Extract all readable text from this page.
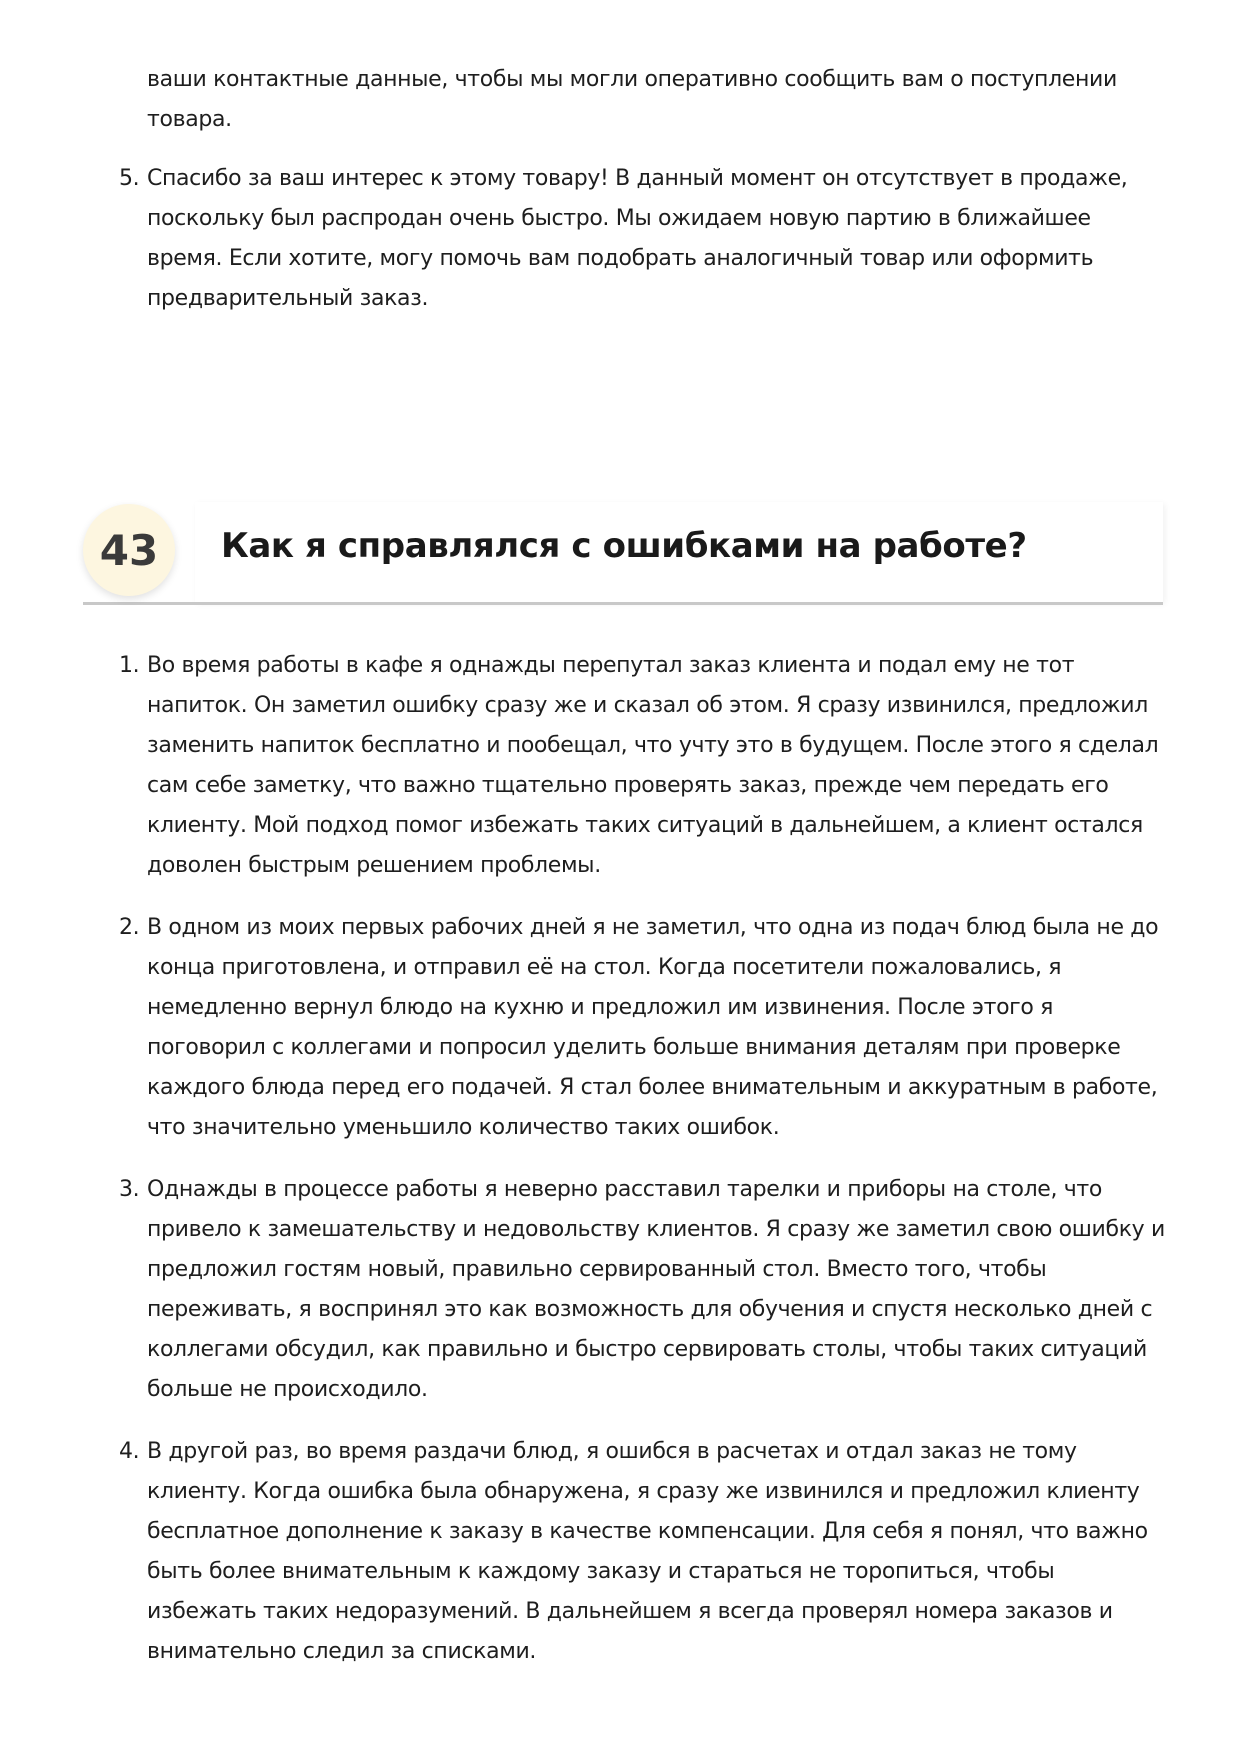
ваши контактные данные, чтобы мы могли оперативно сообщить вам о поступлении товара.

5. Спасибо за ваш интерес к этому товару! В данный момент он отсутствует в продаже, поскольку был распродан очень быстро. Мы ожидаем новую партию в ближайшее время. Если хотите, могу помочь вам подобрать аналогичный товар или оформить предварительный заказ.
43	Как я справлялся с ошибками на работе?
1. Во время работы в кафе я однажды перепутал заказ клиента и подал ему не тот напиток. Он заметил ошибку сразу же и сказал об этом. Я сразу извинился, предложил заменить напиток бесплатно и пообещал, что учту это в будущем. После этого я сделал сам себе заметку, что важно тщательно проверять заказ, прежде чем передать его клиенту. Мой подход помог избежать таких ситуаций в дальнейшем, а клиент остался доволен быстрым решением проблемы.
2. В одном из моих первых рабочих дней я не заметил, что одна из подач блюд была не до конца приготовлена, и отправил её на стол. Когда посетители пожаловались, я немедленно вернул блюдо на кухню и предложил им извинения. После этого я поговорил с коллегами и попросил уделить больше внимания деталям при проверке каждого блюда перед его подачей. Я стал более внимательным и аккуратным в работе, что значительно уменьшило количество таких ошибок.
3. Однажды в процессе работы я неверно расставил тарелки и приборы на столе, что привело к замешательству и недовольству клиентов. Я сразу же заметил свою ошибку и предложил гостям новый, правильно сервированный стол. Вместо того, чтобы переживать, я воспринял это как возможность для обучения и спустя несколько дней с коллегами обсудил, как правильно и быстро сервировать столы, чтобы таких ситуаций больше не происходило.
4. В другой раз, во время раздачи блюд, я ошибся в расчетах и отдал заказ не тому клиенту. Когда ошибка была обнаружена, я сразу же извинился и предложил клиенту бесплатное дополнение к заказу в качестве компенсации. Для себя я понял, что важно быть более внимательным к каждому заказу и стараться не торопиться, чтобы избежать таких недоразумений. В дальнейшем я всегда проверял номера заказов и внимательно следил за списками.
